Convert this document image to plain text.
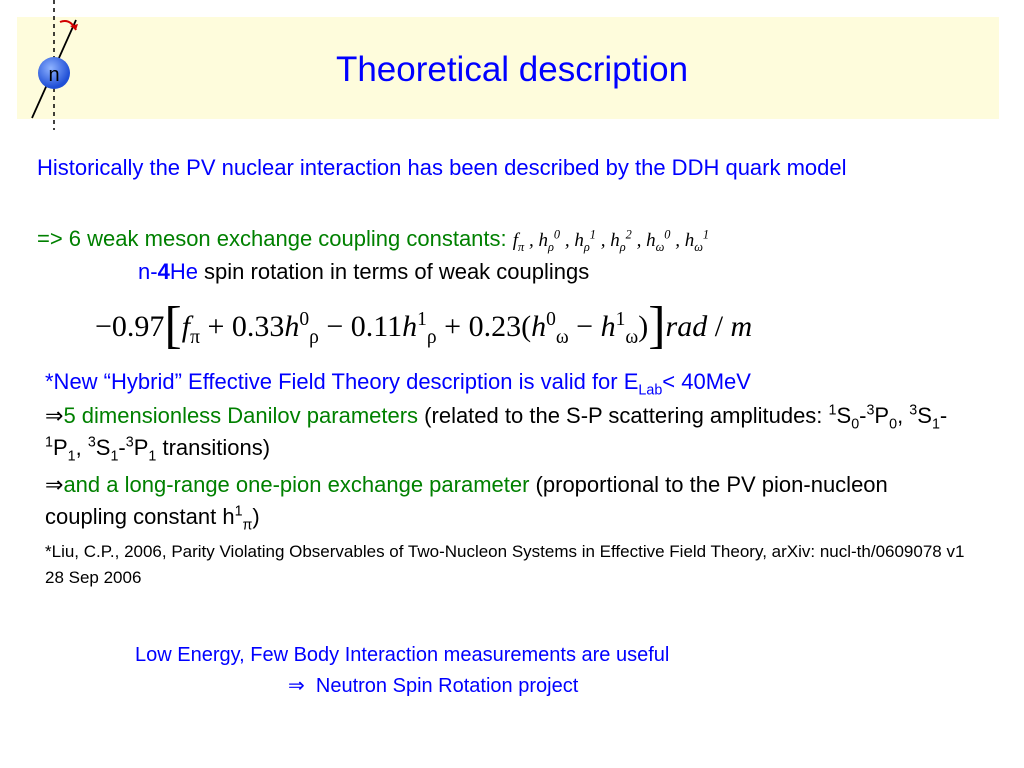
n	Theoretical description
Historically the PV nuclear interaction has been described by the DDH quark model
=> 6 weak meson exchange coupling constants: $f_\pi$ , $h_\rho^0$ , $h_\rho^1$ , $h_\rho^2$ , $h_\omega^0$ , $h_\omega^1$
n-4He spin rotation in terms of weak couplings
$-0.97[f_\pi + 0.33h^0_\rho - 0.11h^1_\rho + 0.23(h^0_\omega - h^1_\omega)]rad / m$
*New “Hybrid” Effective Field Theory description is valid for $E_{Lab}< 40MeV$
⇒5 dimensionless Danilov parameters (related to the S-P scattering amplitudes: $^1S_0-^3P_0$, $^3S_1-^1P_1$, $^3S_1-^3P_1$ transitions)
⇒and a long-range one-pion exchange parameter (proportional to the PV pion-nucleon coupling constant $h^1_\pi$)
*Liu, C.P., 2006, Parity Violating Observables of Two-Nucleon Systems in Effective Field Theory, arXiv: nucl-th/0609078 v1 28 Sep 2006
Low Energy, Few Body Interaction measurements are useful
⇒ Neutron Spin Rotation project
